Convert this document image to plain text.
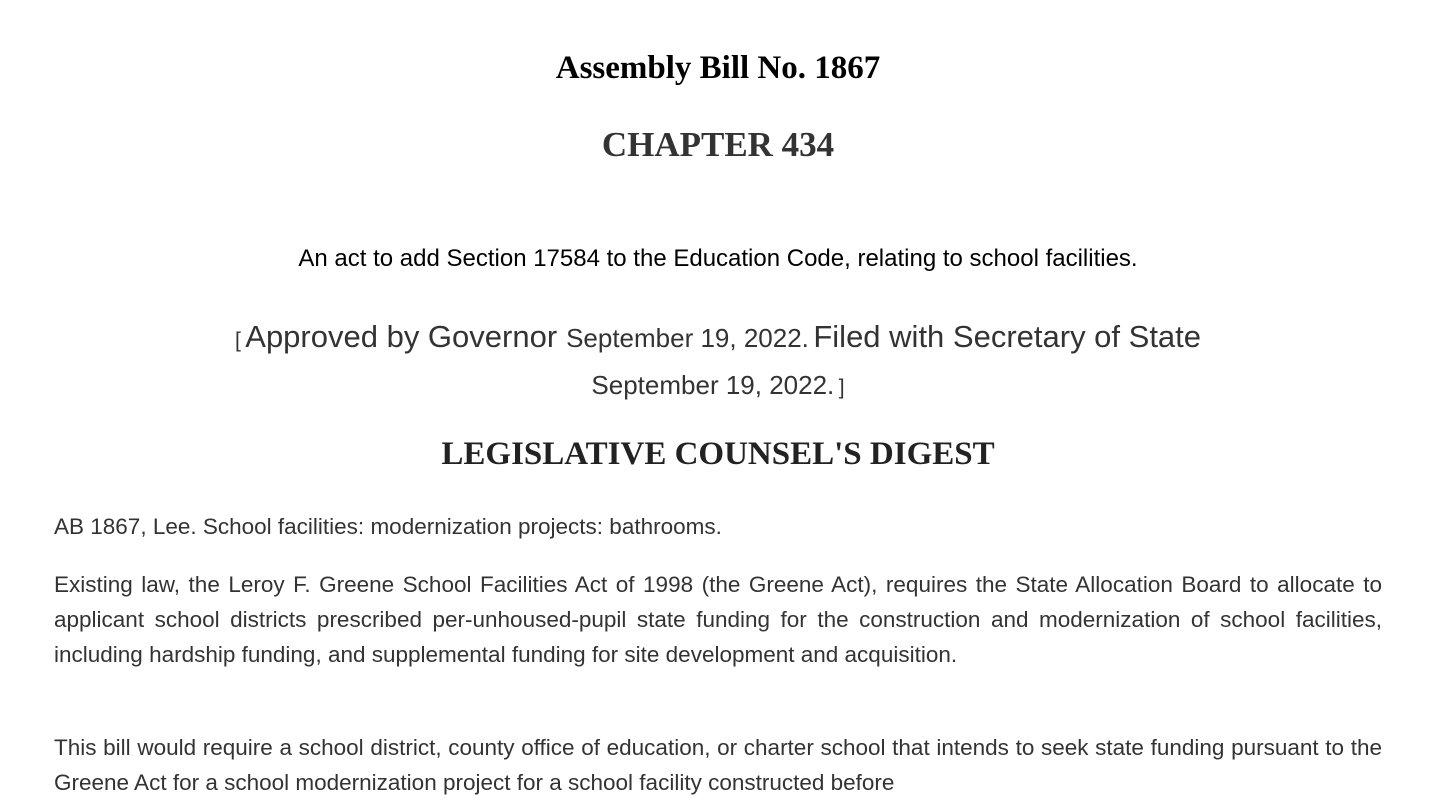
Assembly Bill No. 1867
CHAPTER 434

An act to add Section 17584 to the Education Code, relating to school facilities.

[ Approved by Governor September 19, 2022. Filed with Secretary of State
September 19, 2022. ]

LEGISLATIVE COUNSEL'S DIGEST

AB 1867, Lee. School facilities: modernization projects: bathrooms.

Existing law, the Leroy F. Greene School Facilities Act of 1998 (the Greene Act), requires the State Allocation Board to allocate to applicant school districts prescribed per-unhoused-pupil state funding for the construction and modernization of school facilities, including hardship funding, and supplemental funding for site development and acquisition.

This bill would require a school district, county office of education, or charter school that intends to seek state funding pursuant to the Greene Act for a school modernization project for a school facility constructed before
